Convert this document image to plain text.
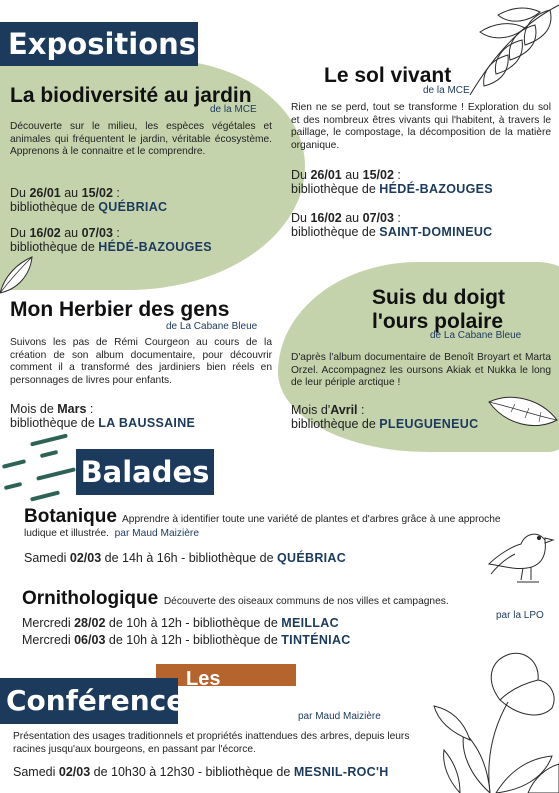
Expositions
La biodiversité au jardin
de la MCE
Découverte sur le milieu, les espèces végétales et animales qui fréquentent le jardin, véritable écosystème. Apprenons à le connaitre et le comprendre.
Du 26/01 au 15/02 :
bibliothèque de QUÉBRIAC
Du 16/02 au 07/03 :
bibliothèque de HÉDÉ-BAZOUGES
Le sol vivant
de la MCE
Rien ne se perd, tout se transforme ! Exploration du sol et des nombreux êtres vivants qui l'habitent, à travers le paillage, le compostage, la décomposition de la matière organique.
Du 26/01 au 15/02 :
bibliothèque de HÉDÉ-BAZOUGES
Du 16/02 au 07/03 :
bibliothèque de SAINT-DOMINEUC
Mon Herbier des gens
de La Cabane Bleue
Suivons les pas de Rémi Courgeon au cours de la création de son album documentaire, pour découvrir comment il a transformé des jardiniers bien réels en personnages de livres pour enfants.
Mois de Mars :
bibliothèque de LA BAUSSAINE
Suis du doigt
l'ours polaire
de La Cabane Bleue
D'après l'album documentaire de Benoît Broyart et Marta Orzel. Accompagnez les oursons Akiak et Nukka le long de leur périple arctique !
Mois d'Avril :
bibliothèque de PLEUGUENEUC
Balades
Botanique Apprendre à identifier toute une variété de plantes et d'arbres grâce à une approche ludique et illustrée. par Maud Maizière
Samedi 02/03 de 14h à 16h - bibliothèque de QUÉBRIAC
Ornithologique Découverte des oiseaux communs de nos villes et campagnes.
par la LPO
Mercredi 28/02 de 10h à 12h - bibliothèque de MEILLAC
Mercredi 06/03 de 10h à 12h - bibliothèque de TINTÉNIAC
Les
Conférence	par Maud Maizière
Présentation des usages traditionnels et propriétés inattendues des arbres, depuis leurs racines jusqu'aux bourgeons, en passant par l'écorce.
Samedi 02/03 de 10h30 à 12h30 - bibliothèque de MESNIL-ROC'H
